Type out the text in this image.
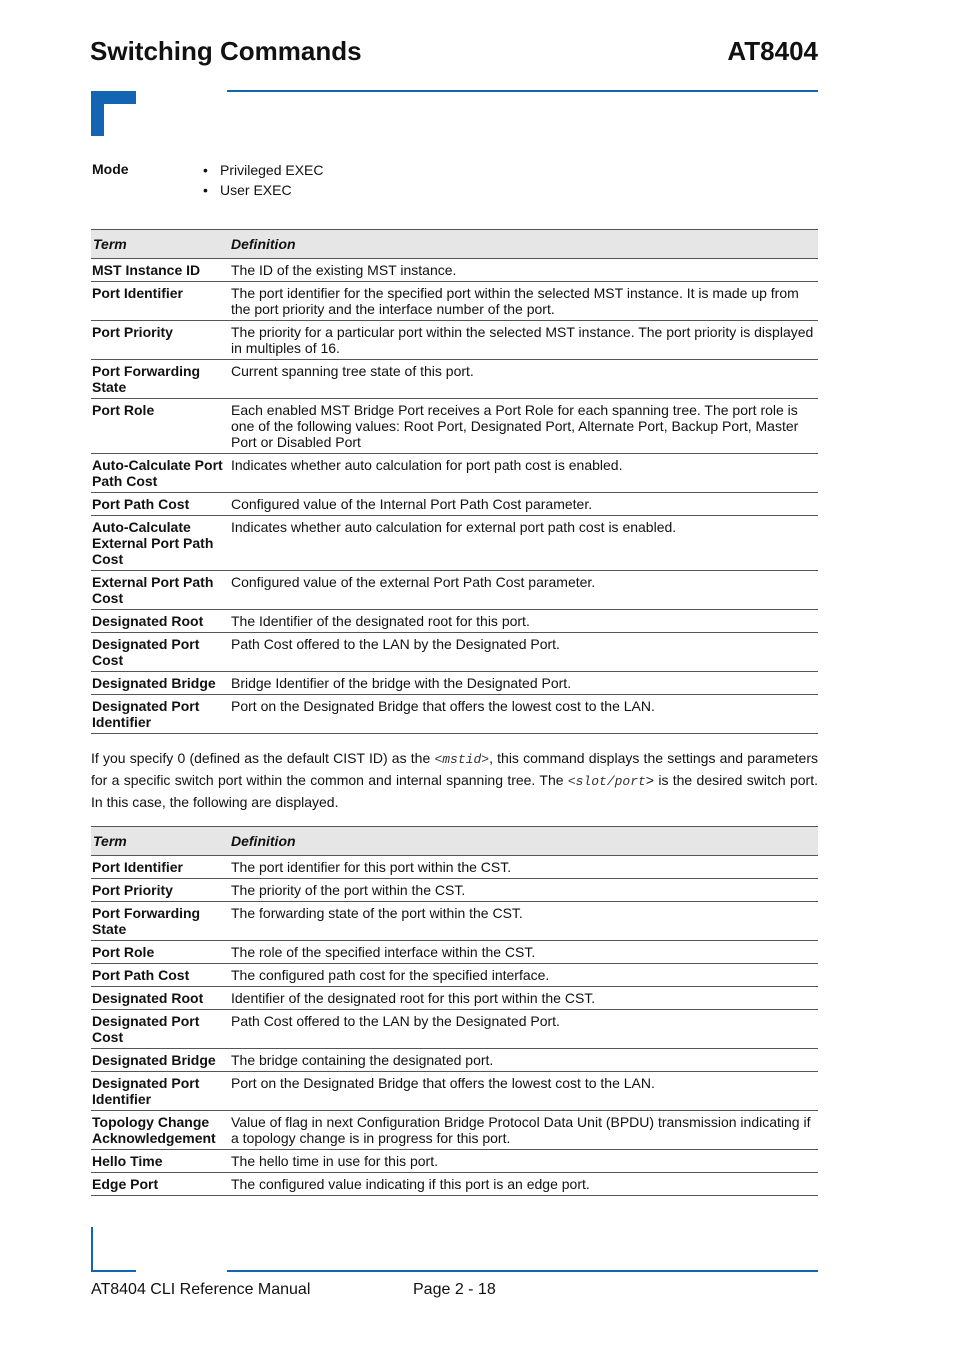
Switching Commands	AT8404
Mode	• Privileged EXEC
• User EXEC
Term	Definition
MST Instance ID	The ID of the existing MST instance.
Port Identifier	The port identifier for the specified port within the selected MST instance. It is made up from the port priority and the interface number of the port.
Port Priority	The priority for a particular port within the selected MST instance. The port priority is displayed in multiples of 16.
Port Forwarding State	Current spanning tree state of this port.
Port Role	Each enabled MST Bridge Port receives a Port Role for each spanning tree. The port role is one of the following values: Root Port, Designated Port, Alternate Port, Backup Port, Master Port or Disabled Port
Auto-Calculate Port Path Cost	Indicates whether auto calculation for port path cost is enabled.
Port Path Cost	Configured value of the Internal Port Path Cost parameter.
Auto-Calculate External Port Path Cost	Indicates whether auto calculation for external port path cost is enabled.
External Port Path Cost	Configured value of the external Port Path Cost parameter.
Designated Root	The Identifier of the designated root for this port.
Designated Port Cost	Path Cost offered to the LAN by the Designated Port.
Designated Bridge	Bridge Identifier of the bridge with the Designated Port.
Designated Port Identifier	Port on the Designated Bridge that offers the lowest cost to the LAN.

If you specify 0 (defined as the default CIST ID) as the <mstid>, this command displays the settings and parameters for a specific switch port within the common and internal spanning tree. The <slot/port> is the desired switch port. In this case, the following are displayed.

Term	Definition
Port Identifier	The port identifier for this port within the CST.
Port Priority	The priority of the port within the CST.
Port Forwarding State	The forwarding state of the port within the CST.
Port Role	The role of the specified interface within the CST.
Port Path Cost	The configured path cost for the specified interface.
Designated Root	Identifier of the designated root for this port within the CST.
Designated Port Cost	Path Cost offered to the LAN by the Designated Port.
Designated Bridge	The bridge containing the designated port.
Designated Port Identifier	Port on the Designated Bridge that offers the lowest cost to the LAN.
Topology Change Acknowledgement	Value of flag in next Configuration Bridge Protocol Data Unit (BPDU) transmission indicating if a topology change is in progress for this port.
Hello Time	The hello time in use for this port.
Edge Port	The configured value indicating if this port is an edge port.
AT8404 CLI Reference Manual	Page 2 - 18
